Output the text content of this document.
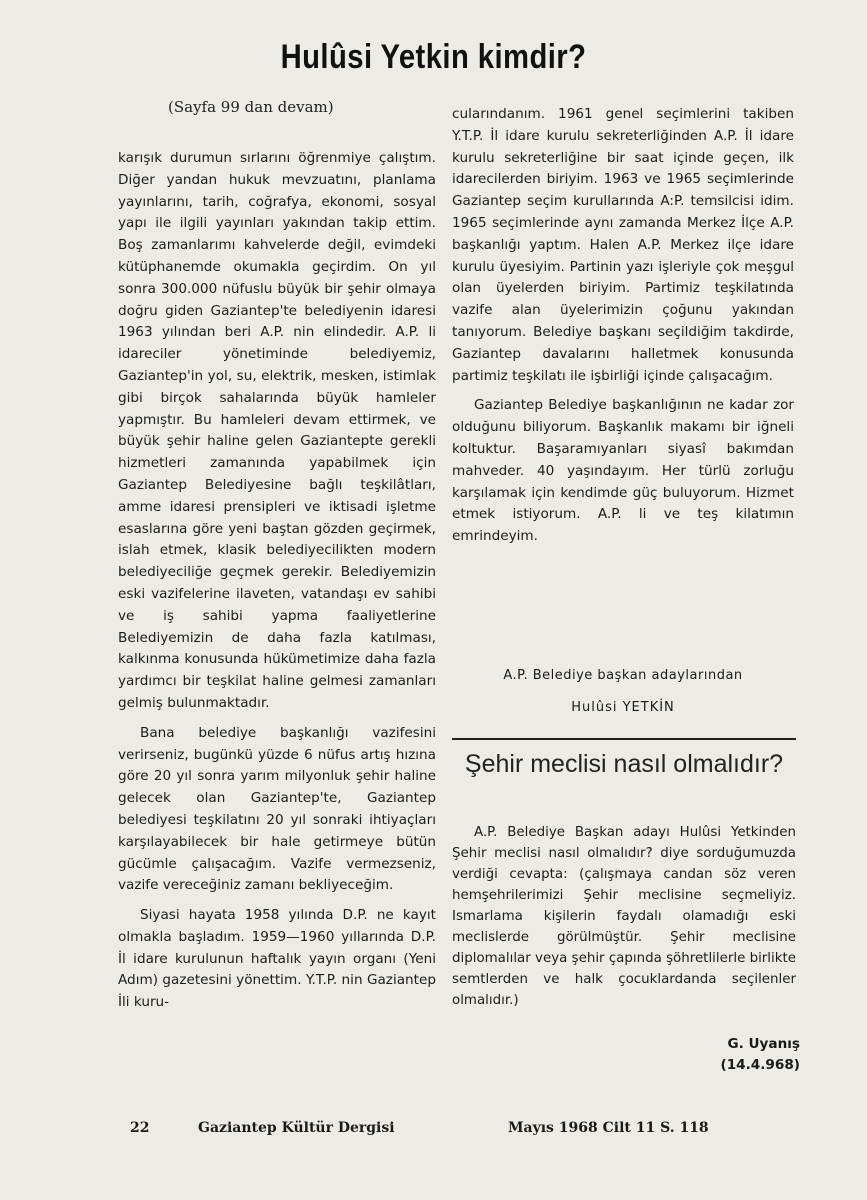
Hulûsi Yetkin kimdir?
(Sayfa 99 dan devam)

karışık durumun sırlarını öğrenmiye çalıştım. Diğer yandan hukuk mevzuatını, planlama yayınlarını, tarih, coğrafya, ekonomi, sosyal yapı ile ilgili yayınları yakından takip ettim. Boş zamanlarımı kahvelerde değil, evimdeki kütüphanemde okumakla geçirdim. On yıl sonra 300.000 nüfuslu büyük bir şehir olmaya doğru giden Gaziantep'te belediyenin idaresi 1963 yılından beri A.P. nin elindedir. A.P. li idareciler yönetiminde belediyemiz, Gaziantep'in yol, su, elektrik, mesken, istimlak gibi birçok sahalarında büyük hamleler yapmıştır. Bu hamleleri devam ettirmek, ve büyük şehir haline gelen Gaziantepte gerekli hizmetleri zamanında yapabilmek için Gaziantep Belediyesine bağlı teşkilâtları, amme idaresi prensipleri ve iktisadi işletme esaslarına göre yeni baştan gözden geçirmek, islah etmek, klasik belediyecilikten modern belediyeciliğe geçmek gerekir. Belediyemizin eski vazifelerine ilaveten, vatandaşı ev sahibi ve iş sahibi yapma faaliyetlerine Belediyemizin de daha fazla katılması, kalkınma konusunda hükümetimize daha fazla yardımcı bir teşkilat haline gelmesi zamanları gelmiş bulunmaktadır.

Bana belediye başkanlığı vazifesini verirseniz, bugünkü yüzde 6 nüfus artış hızına göre 20 yıl sonra yarım milyonluk şehir haline gelecek olan Gaziantep'te, Gaziantep belediyesi teşkilatını 20 yıl sonraki ihtiyaçları karşılayabilecek bir hale getirmeye bütün gücümle çalışacağım. Vazife vermezseniz, vazife vereceğiniz zamanı bekliyeceğim.

Siyasi hayata 1958 yılında D.P. ne kayıt olmakla başladım. 1959—1960 yıllarında D.P. İl idare kurulunun haftalık yayın organı (Yeni Adım) gazetesini yönettim. Y.T.P. nin Gaziantep İli kuru-

cularındanım. 1961 genel seçimlerini takiben Y.T.P. İl idare kurulu sekreterliğinden A.P. İl idare kurulu sekreterliğine bir saat içinde geçen, ilk idarecilerden biriyim. 1963 ve 1965 seçimlerinde Gaziantep seçim kurullarında A:P. temsilcisi idim. 1965 seçimlerinde aynı zamanda Merkez İlçe A.P. başkanlığı yaptım. Halen A.P. Merkez ilçe idare kurulu üyesiyim. Partinin yazı işleriyle çok meşgul olan üyelerden biriyim. Partimiz teşkilatında vazife alan üyelerimizin çoğunu yakından tanıyorum. Belediye başkanı seçildiğim takdirde, Gaziantep davalarını halletmek konusunda partimiz teşkilatı ile işbirliği içinde çalışacağım.

Gaziantep Belediye başkanlığının ne kadar zor olduğunu biliyorum. Başkanlık makamı bir iğneli koltuktur. Başaramıyanları siyasî bakımdan mahveder. 40 yaşındayım. Her türlü zorluğu karşılamak için kendimde güç buluyorum. Hizmet etmek istiyorum. A.P. li ve teş kilatımın emrindeyim.

A.P. Belediye başkan adaylarından
Hulûsi YETKİN
Şehir meclisi nasıl olmalıdır?

A.P. Belediye Başkan adayı Hulûsi Yetkinden Şehir meclisi nasıl olmalıdır? diye sorduğumuzda verdiği cevapta: (çalışmaya candan söz veren hemşehrilerimizi Şehir meclisine seçmeliyiz. Ismarlama kişilerin faydalı olamadığı eski meclislerde görülmüştür. Şehir meclisine diplomalılar veya şehir çapında şöhretlilerle birlikte semtlerden ve halk çocuklardanda seçilenler olmalıdır.)

G. Uyanış
(14.4.968)
22	Gaziantep Kültür Dergisi	Mayıs 1968 Cilt 11 S. 118
